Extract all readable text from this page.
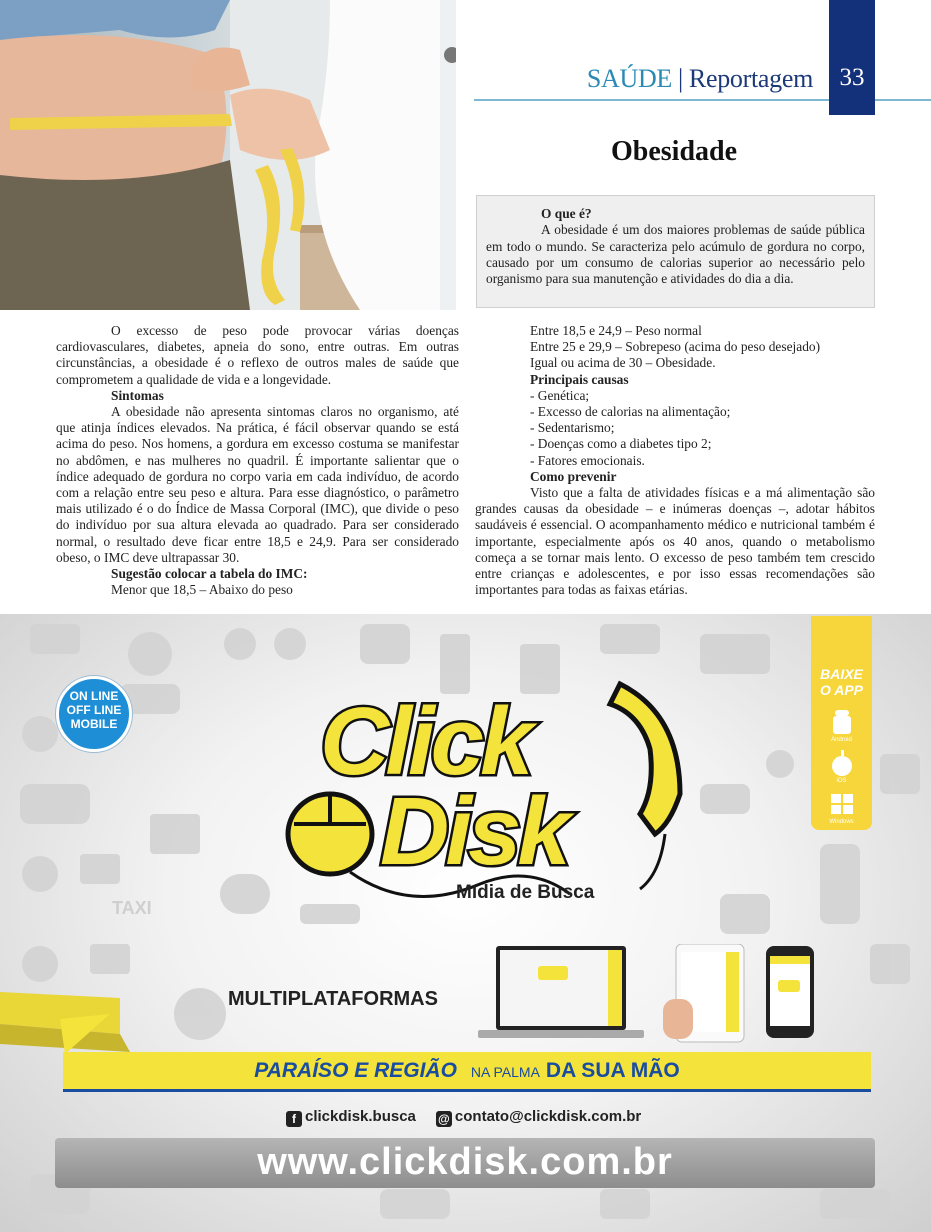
SAÚDE | Reportagem	33
Obesidade
O que é?
A obesidade é um dos maiores problemas de saúde pública em todo o mundo. Se caracteriza pelo acúmulo de gordura no corpo, causado por um consumo de calorias superior ao necessário pelo organismo para sua manutenção e atividades do dia a dia.

O excesso de peso pode provocar várias doenças cardiovasculares, diabetes, apneia do sono, entre outras. Em outras circunstâncias, a obesidade é o reflexo de outros males de saúde que comprometem a qualidade de vida e a longevidade.

Sintomas

A obesidade não apresenta sintomas claros no organismo, até que atinja índices elevados. Na prática, é fácil observar quando se está acima do peso. Nos homens, a gordura em excesso costuma se manifestar no abdômen, e nas mulheres no quadril. É importante salientar que o índice adequado de gordura no corpo varia em cada indivíduo, de acordo com a relação entre seu peso e altura. Para esse diagnóstico, o parâmetro mais utilizado é o do Índice de Massa Corporal (IMC), que divide o peso do indivíduo por sua altura elevada ao quadrado. Para ser considerado normal, o resultado deve ficar entre 18,5 e 24,9. Para ser considerado obeso, o IMC deve ultrapassar 30.

Sugestão colocar a tabela do IMC:

Menor que 18,5 – Abaixo do peso

Entre 18,5 e 24,9 – Peso normal

Entre 25 e 29,9 – Sobrepeso (acima do peso desejado)

Igual ou acima de 30 – Obesidade.

Principais causas

- Genética;

- Excesso de calorias na alimentação;

- Sedentarismo;

- Doenças como a diabetes tipo 2;

- Fatores emocionais.

Como prevenir

Visto que a falta de atividades físicas e a má alimentação são grandes causas da obesidade – e inúmeras doenças –, adotar hábitos saudáveis é essencial. O acompanhamento médico e nutricional também é importante, especialmente após os 40 anos, quando o metabolismo começa a se tornar mais lento. O excesso de peso também tem crescido entre crianças e adolescentes, e por isso essas recomendações são importantes para todas as faixas etárias.

TAXI
ON LINE
OFF LINE
MOBILE Click
Disk
Mídia de Busca
BAIXE
O APP
Android
iOS
Windows
MULTIPLATAFORMAS
PARAÍSO E REGIÃO NA PALMA DA SUA MÃO
f clickdisk.busca @ contato@clickdisk.com.br
www.clickdisk.com.br
